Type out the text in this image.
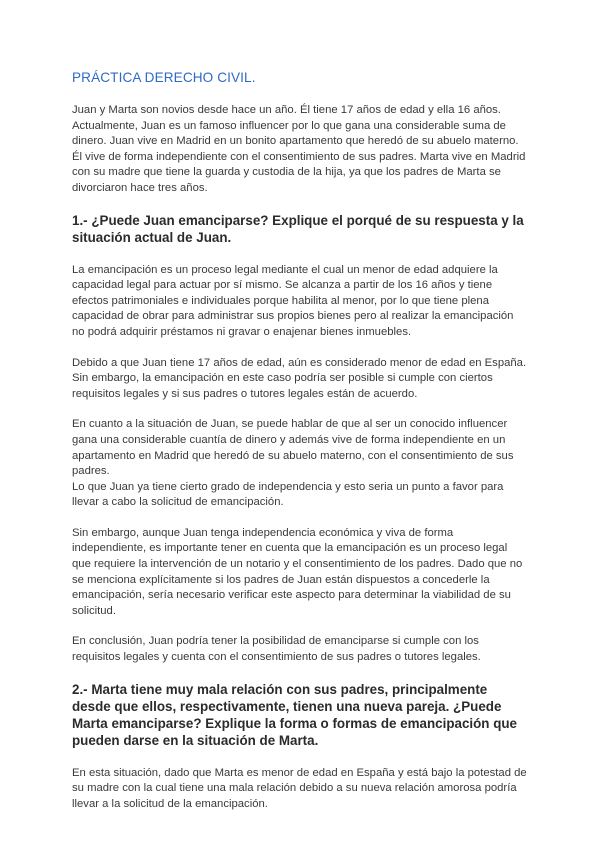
PRÁCTICA DERECHO CIVIL.

Juan y Marta son novios desde hace un año. Él tiene 17 años de edad y ella 16 años. Actualmente, Juan es un famoso influencer por lo que gana una considerable suma de dinero. Juan vive en Madrid en un bonito apartamento que heredó de su abuelo materno. Él vive de forma independiente con el consentimiento de sus padres. Marta vive en Madrid con su madre que tiene la guarda y custodia de la hija, ya que los padres de Marta se divorciaron hace tres años.

1.- ¿Puede Juan emanciparse? Explique el porqué de su respuesta y la situación actual de Juan.

La emancipación es un proceso legal mediante el cual un menor de edad adquiere la capacidad legal para actuar por sí mismo. Se alcanza a partir de los 16 años y tiene efectos patrimoniales e individuales porque habilita al menor, por lo que tiene plena capacidad de obrar para administrar sus propios bienes pero al realizar la emancipación no podrá adquirir préstamos ni gravar o enajenar bienes inmuebles.

Debido a que Juan tiene 17 años de edad, aún es considerado menor de edad en España. Sin embargo, la emancipación en este caso podría ser posible si cumple con ciertos requisitos legales y si sus padres o tutores legales están de acuerdo.

En cuanto a la situación de Juan, se puede hablar de que al ser un conocido influencer gana una considerable cuantía de dinero y además vive de forma independiente en un apartamento en Madrid que heredó de su abuelo materno, con el consentimiento de sus padres.

Lo que Juan ya tiene cierto grado de independencia y esto seria un punto a favor para llevar a cabo la solicitud de emancipación.

Sin embargo, aunque Juan tenga independencia económica y viva de forma independiente, es importante tener en cuenta que la emancipación es un proceso legal que requiere la intervención de un notario y el consentimiento de los padres. Dado que no se menciona explícitamente si los padres de Juan están dispuestos a concederle la emancipación, sería necesario verificar este aspecto para determinar la viabilidad de su solicitud.

En conclusión, Juan podría tener la posibilidad de emanciparse si cumple con los requisitos legales y cuenta con el consentimiento de sus padres o tutores legales.

2.- Marta tiene muy mala relación con sus padres, principalmente desde que ellos, respectivamente, tienen una nueva pareja. ¿Puede Marta emanciparse? Explique la forma o formas de emancipación que pueden darse en la situación de Marta.

En esta situación, dado que Marta es menor de edad en España y está bajo la potestad de su madre con la cual tiene una mala relación debido a su nueva relación amorosa podría llevar a la solicitud de la emancipación.
